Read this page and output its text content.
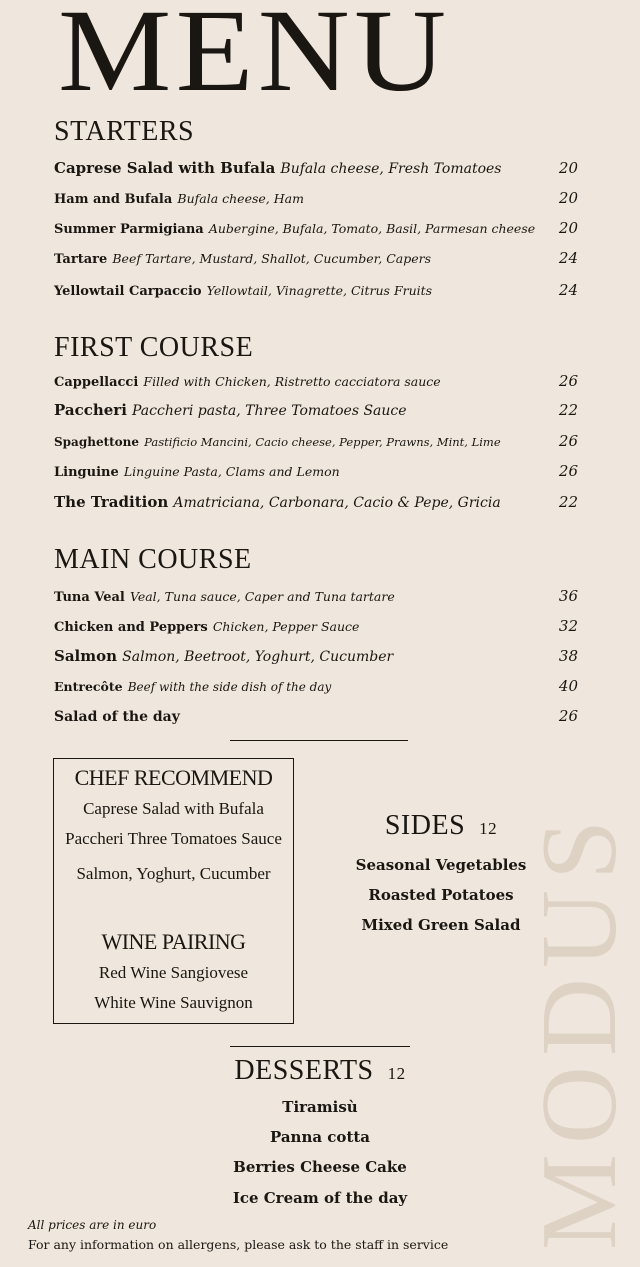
MODUS
MENU
STARTERS
Caprese Salad with Bufala Bufala cheese, Fresh Tomatoes	20
Ham and Bufala Bufala cheese, Ham	20
Summer Parmigiana Aubergine, Bufala, Tomato, Basil, Parmesan cheese 20
Tartare Beef Tartare, Mustard, Shallot, Cucumber, Capers	24
Yellowtail Carpaccio Yellowtail, Vinagrette, Citrus Fruits	24
FIRST COURSE
Cappellacci Filled with Chicken, Ristretto cacciatora sauce	26
Paccheri Paccheri pasta, Three Tomatoes Sauce	22
Spaghettone Pastificio Mancini, Cacio cheese, Pepper, Prawns, Mint, Lime	26
Linguine Linguine Pasta, Clams and Lemon	26
The Tradition Amatriciana, Carbonara, Cacio & Pepe, Gricia	22
MAIN COURSE
Tuna Veal Veal, Tuna sauce, Caper and Tuna tartare	36
Chicken and Peppers Chicken, Pepper Sauce	32
Salmon Salmon, Beetroot, Yoghurt, Cucumber	38
Entrecôte Beef with the side dish of the day	40
Salad of the day	26
CHEF RECOMMEND
Caprese Salad with Bufala
Paccheri Three Tomatoes Sauce
Salmon, Yoghurt, Cucumber
WINE PAIRING
Red Wine Sangiovese
White Wine Sauvignon
SIDES 12
Seasonal Vegetables
Roasted Potatoes
Mixed Green Salad
DESSERTS 12
Tiramisù
Panna cotta
Berries Cheese Cake
Ice Cream of the day
All prices are in euro
For any information on allergens, please ask to the staff in service
